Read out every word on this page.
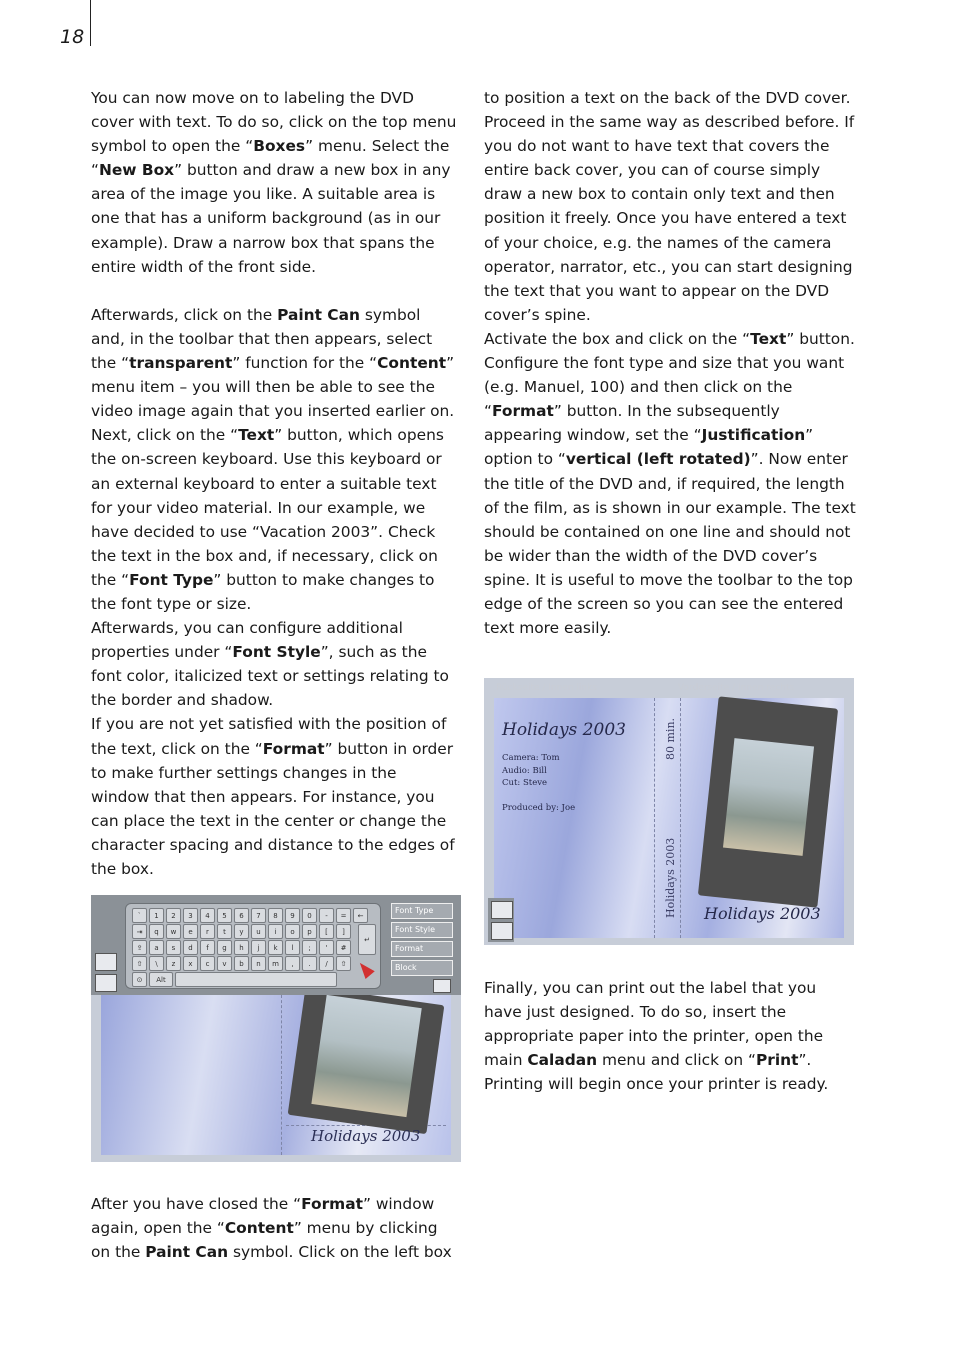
18

You can now move on to labeling the DVD cover with text. To do so, click on the top menu symbol to open the “Boxes” menu. Select the “New Box” button and draw a new box in any area of the image you like. A suitable area is one that has a uniform background (as in our example). Draw a narrow box that spans the entire width of the front side.

Afterwards, click on the Paint Can symbol and, in the toolbar that then appears, select the “transparent” function for the “Content” menu item – you will then be able to see the video image again that you inserted earlier on. Next, click on the “Text” button, which opens the on-screen keyboard. Use this keyboard or an external keyboard to enter a suitable text for your video material. In our example, we have decided to use “Vacation 2003”. Check the text in the box and, if necessary, click on the “Font Type” button to make changes to the font type or size.

Afterwards, you can configure additional properties under “Font Style”, such as the font color, italicized text or settings relating to the border and shadow.

If you are not yet satisfied with the position of the text, click on the “Format” button in order to make further settings changes in the window that then appears. For instance, you can place the text in the center or change the character spacing and distance to the edges of the box.

After you have closed the “Format” window again, open the “Content” menu by clicking on the Paint Can symbol. Click on the left box

to position a text on the back of the DVD cover. Proceed in the same way as described before. If you do not want to have text that covers the entire back cover, you can of course simply draw a new box to contain only text and then position it freely. Once you have entered a text of your choice, e.g. the names of the camera operator, narrator, etc., you can start designing the text that you want to appear on the DVD cover’s spine.

Activate the box and click on the “Text” button. Configure the font type and size that you want (e.g. Manuel, 100) and then click on the “Format” button. In the subsequently appearing window, set the “Justification” option to “vertical (left rotated)”. Now enter the title of the DVD and, if required, the length of the film, as is shown in our example. The text should be contained on one line and should not be wider than the width of the DVD cover’s spine. It is useful to move the toolbar to the top edge of the screen so you can see the entered text more easily.

Finally, you can print out the label that you have just designed. To do so, insert the appropriate paper into the printer, open the main Caladan menu and click on “Print”. Printing will begin once your printer is ready.

Holidays 2003
`	1	2	3	4	5	6	7	8	9	0	-	=	←
⇥	q	w	e	r	t	y	u	i	o	p	[	]
⇪	a	s	d	f	g	h	j	k	l	;	'	#
⇧	\	z	x	c	v	b	n	m	,	.	/	⇧
⊙	Alt
↵
Font Type
Font Style
Format
Block
Rückseite / Innen links	Vorderseite / Innen rechts
Holidays 2003
Camera: Tom
Audio: Bill
Cut: Steve
Produced by: Joe
80 min.
Holidays 2003 Holidays 2003
